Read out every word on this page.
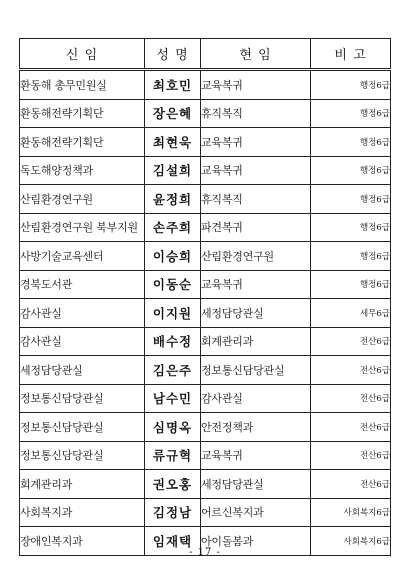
신 임	성 명	현 임	비 고
환동해 총무민원실	최호민	교육복귀	행정6급
환동해전략기획단	장은혜	휴직복직	행정6급
환동해전략기획단	최현욱	교육복귀	행정6급
독도해양정책과	김설희	교육복귀	행정6급
산림환경연구원	윤정희	휴직복직	행정6급
산림환경연구원 북부지원	손주희	파견복귀	행정6급
사방기술교육센터	이승희	산림환경연구원	행정6급
경북도서관	이동순	교육복귀	행정6급
감사관실	이지원	세정담당관실	세무6급
감사관실	배수정	회계관리과	전산6급
세정담당관실	김은주	정보통신담당관실	전산6급
정보통신담당관실	남수민	감사관실	전산6급
정보통신담당관실	심명옥	안전정책과	전산6급
정보통신담당관실	류규혁	교육복귀	전산6급
회계관리과	권오홍	세정담당관실	전산6급
사회복지과	김정남	어르신복지과	사회복지6급
장애인복지과	임재택	아이돌봄과	사회복지6급
- 17 -
